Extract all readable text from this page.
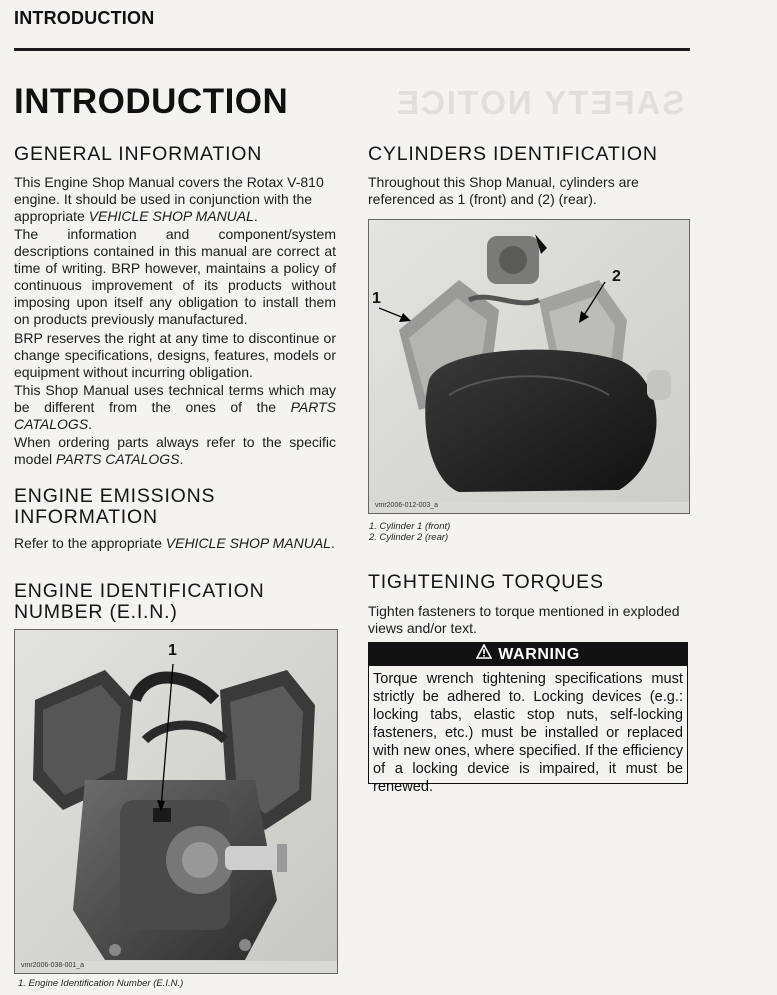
SAFETY NOTICE
INTRODUCTION
INTRODUCTION
GENERAL INFORMATION

This Engine Shop Manual covers the Rotax V-810 engine. It should be used in conjunction with the appropriate VEHICLE SHOP MANUAL.

The information and component/system descriptions contained in this manual are correct at time of writing. BRP however, maintains a policy of continuous improvement of its products without imposing upon itself any obligation to install them on products previously manufactured.

BRP reserves the right at any time to discontinue or change specifications, designs, features, models or equipment without incurring obligation.

This Shop Manual uses technical terms which may be different from the ones of the PARTS CATALOGS.

When ordering parts always refer to the specific model PARTS CATALOGS.

ENGINE EMISSIONS
INFORMATION

Refer to the appropriate VEHICLE SHOP MANUAL.

ENGINE IDENTIFICATION
NUMBER (E.I.N.)
1
vmr2006-038-001_a
1. Engine Identification Number (E.I.N.)
CYLINDERS IDENTIFICATION

Throughout this Shop Manual, cylinders are referenced as 1 (front) and (2) (rear).

1
2
vmr2006-012-003_a
1. Cylinder 1 (front)
2. Cylinder 2 (rear)
TIGHTENING TORQUES

Tighten fasteners to torque mentioned in exploded views and/or text.

WARNING
Torque wrench tightening specifications must strictly be adhered to. Locking devices (e.g.: locking tabs, elastic stop nuts, self-locking fasteners, etc.) must be installed or replaced with new ones, where specified. If the efficiency of a locking device is impaired, it must be renewed.
